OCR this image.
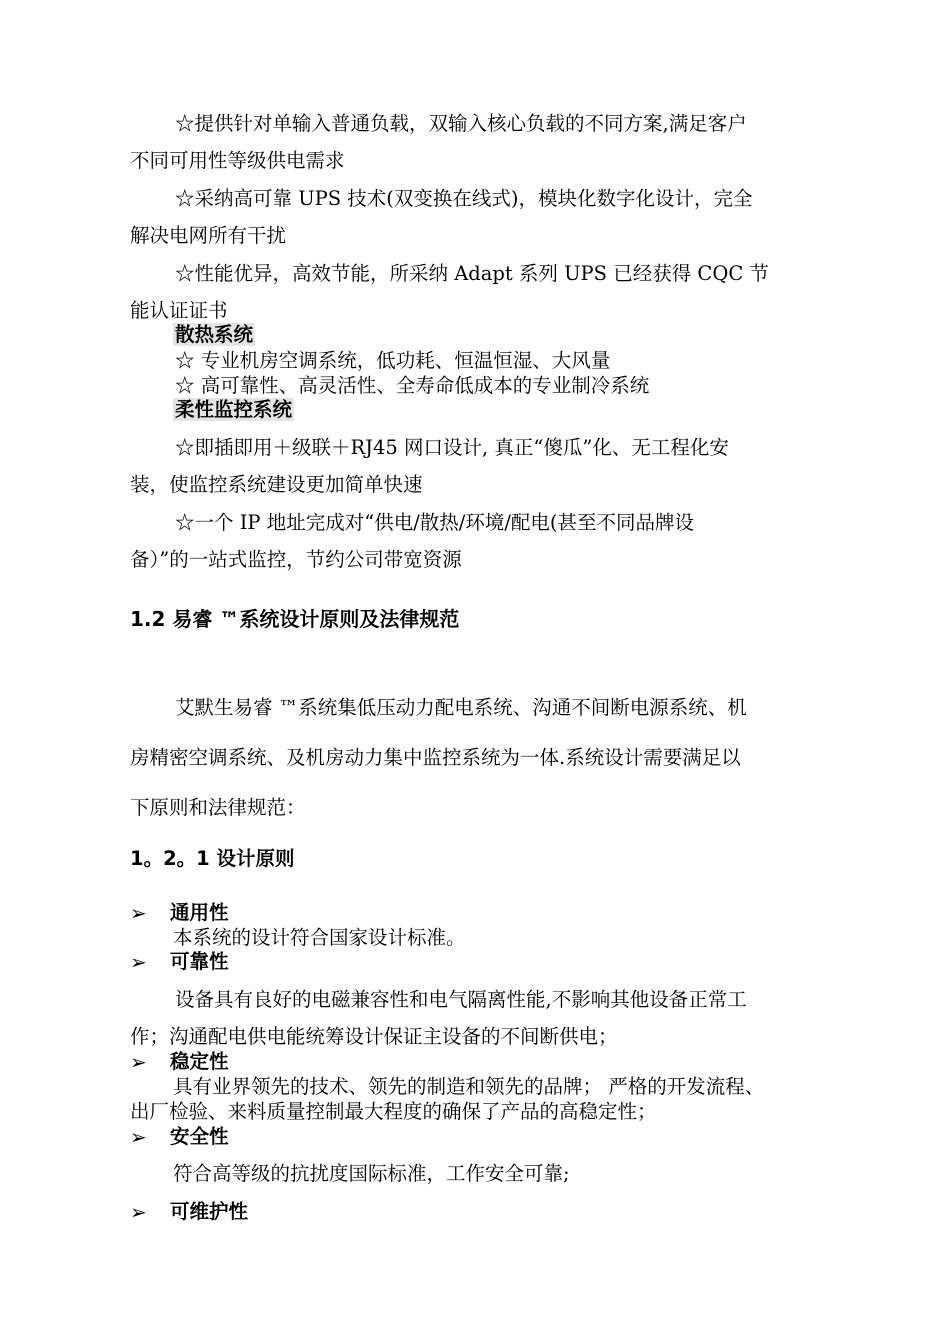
☆提供针对单输入普通负载，双输入核心负载的不同方案,满足客户
不同可用性等级供电需求
☆采纳高可靠 UPS 技术(双变换在线式)，模块化数字化设计，完全
解决电网所有干扰
☆性能优异，高效节能，所采纳 Adapt 系列 UPS 已经获得 CQC 节
能认证证书
散热系统
☆ 专业机房空调系统，低功耗、恒温恒湿、大风量
☆ 高可靠性、高灵活性、全寿命低成本的专业制冷系统
柔性监控系统
☆即插即用＋级联＋RJ45 网口设计, 真正“傻瓜”化、无工程化安
装，使监控系统建设更加简单快速
☆一个 IP 地址完成对“供电/散热/环境/配电(甚至不同品牌设
备）”的一站式监控，节约公司带宽资源
1.2 易睿 ™系统设计原则及法律规范
艾默生易睿 ™系统集低压动力配电系统、沟通不间断电源系统、机
房精密空调系统、及机房动力集中监控系统为一体.系统设计需要满足以
下原则和法律规范：
1。2。1 设计原则
➢ 通用性
本系统的设计符合国家设计标准。
➢ 可靠性
设备具有良好的电磁兼容性和电气隔离性能,不影响其他设备正常工
作；沟通配电供电能统筹设计保证主设备的不间断供电；
➢ 稳定性
具有业界领先的技术、领先的制造和领先的品牌； 严格的开发流程、
出厂检验、来料质量控制最大程度的确保了产品的高稳定性；
➢ 安全性
符合高等级的抗扰度国际标准，工作安全可靠;
➢ 可维护性
